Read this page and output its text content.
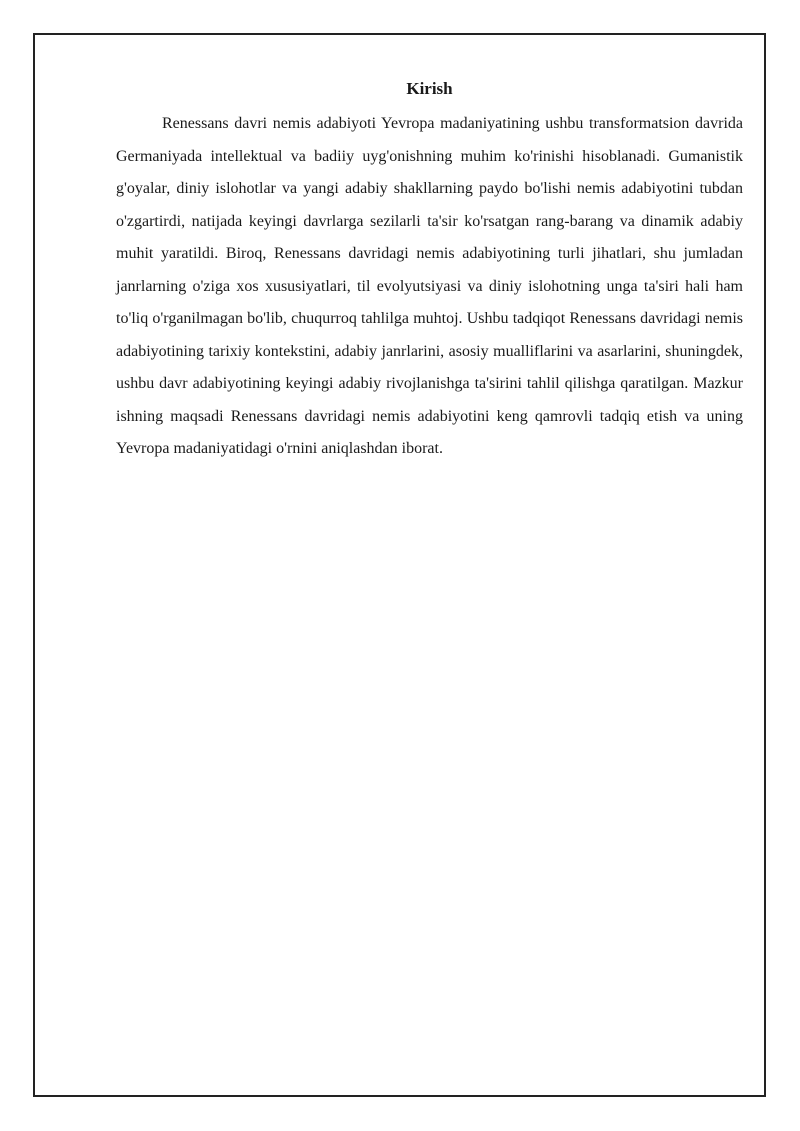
Kirish

Renessans davri nemis adabiyoti Yevropa madaniyatining ushbu transformatsion davrida Germaniyada intellektual va badiiy uyg'onishning muhim ko'rinishi hisoblanadi. Gumanistik g'oyalar, diniy islohotlar va yangi adabiy shakllarning paydo bo'lishi nemis adabiyotini tubdan o'zgartirdi, natijada keyingi davrlarga sezilarli ta'sir ko'rsatgan rang-barang va dinamik adabiy muhit yaratildi. Biroq, Renessans davridagi nemis adabiyotining turli jihatlari, shu jumladan janrlarning o'ziga xos xususiyatlari, til evolyutsiyasi va diniy islohotning unga ta'siri hali ham to'liq o'rganilmagan bo'lib, chuqurroq tahlilga muhtoj. Ushbu tadqiqot Renessans davridagi nemis adabiyotining tarixiy kontekstini, adabiy janrlarini, asosiy mualliflarini va asarlarini, shuningdek, ushbu davr adabiyotining keyingi adabiy rivojlanishga ta'sirini tahlil qilishga qaratilgan. Mazkur ishning maqsadi Renessans davridagi nemis adabiyotini keng qamrovli tadqiq etish va uning Yevropa madaniyatidagi o'rnini aniqlashdan iborat.
